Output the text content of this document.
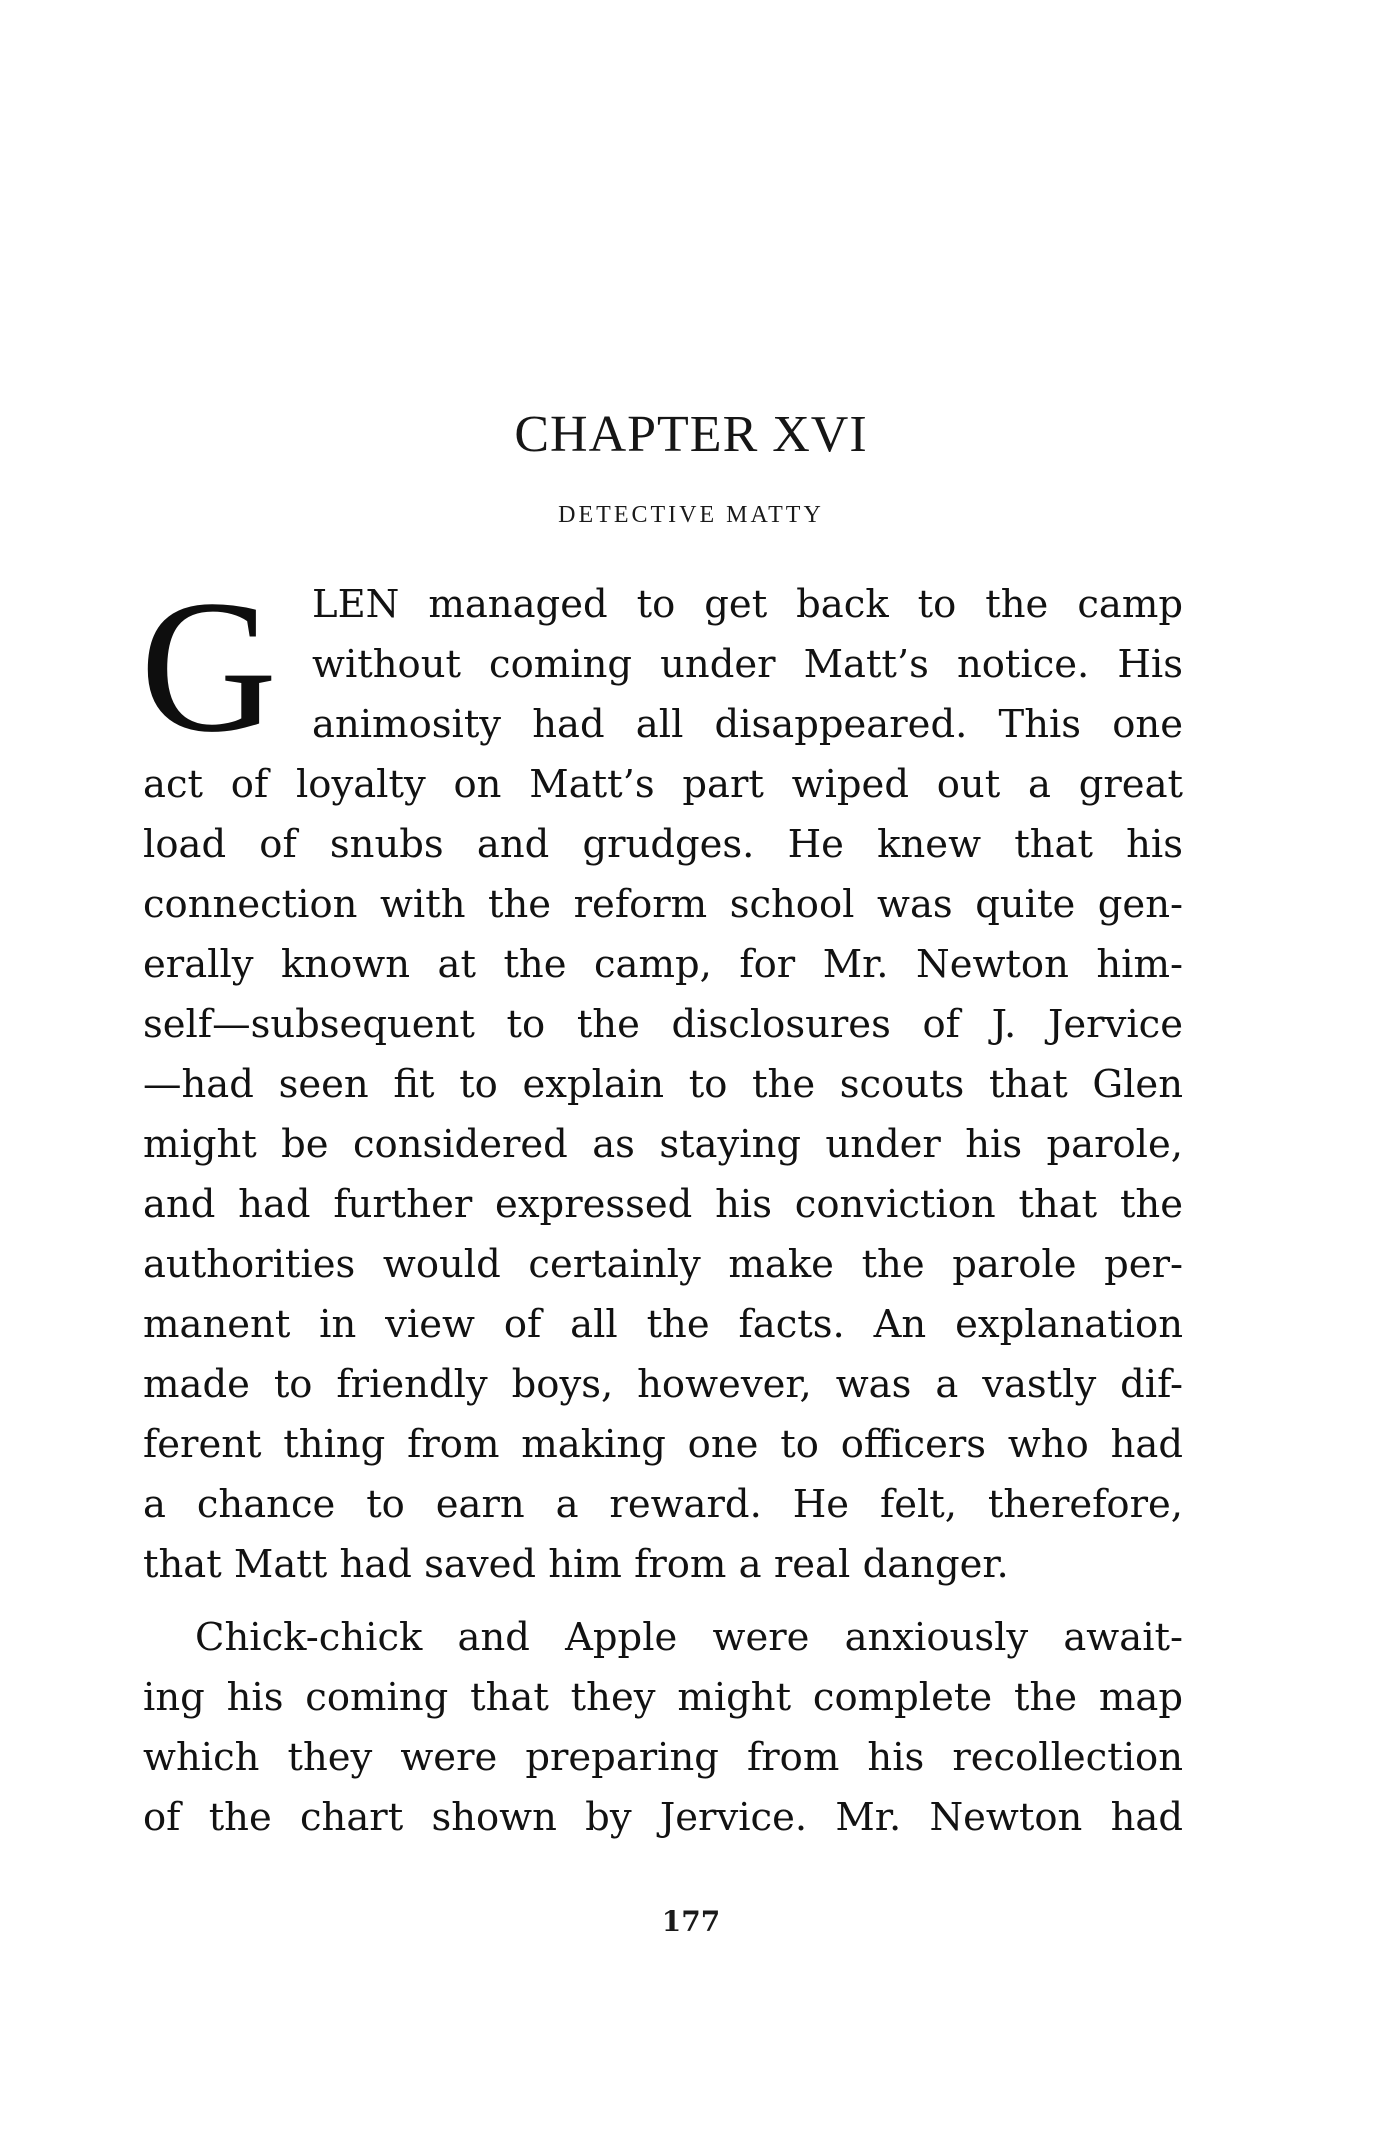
CHAPTER XVI
DETECTIVE MATTY
G LEN managed to get back to the camp
without coming under Matt’s notice. His
animosity had all disappeared. This one
act of loyalty on Matt’s part wiped out a great
load of snubs and grudges. He knew that his
connection with the reform school was quite gen-
erally known at the camp, for Mr. Newton him-
self—subsequent to the disclosures of J. Jervice
—had seen fit to explain to the scouts that Glen
might be considered as staying under his parole,
and had further expressed his conviction that the
authorities would certainly make the parole per-
manent in view of all the facts. An explanation
made to friendly boys, however, was a vastly dif-
ferent thing from making one to officers who had
a chance to earn a reward. He felt, therefore,
that Matt had saved him from a real danger.
Chick-chick and Apple were anxiously await-
ing his coming that they might complete the map
which they were preparing from his recollection
of the chart shown by Jervice. Mr. Newton had
177
